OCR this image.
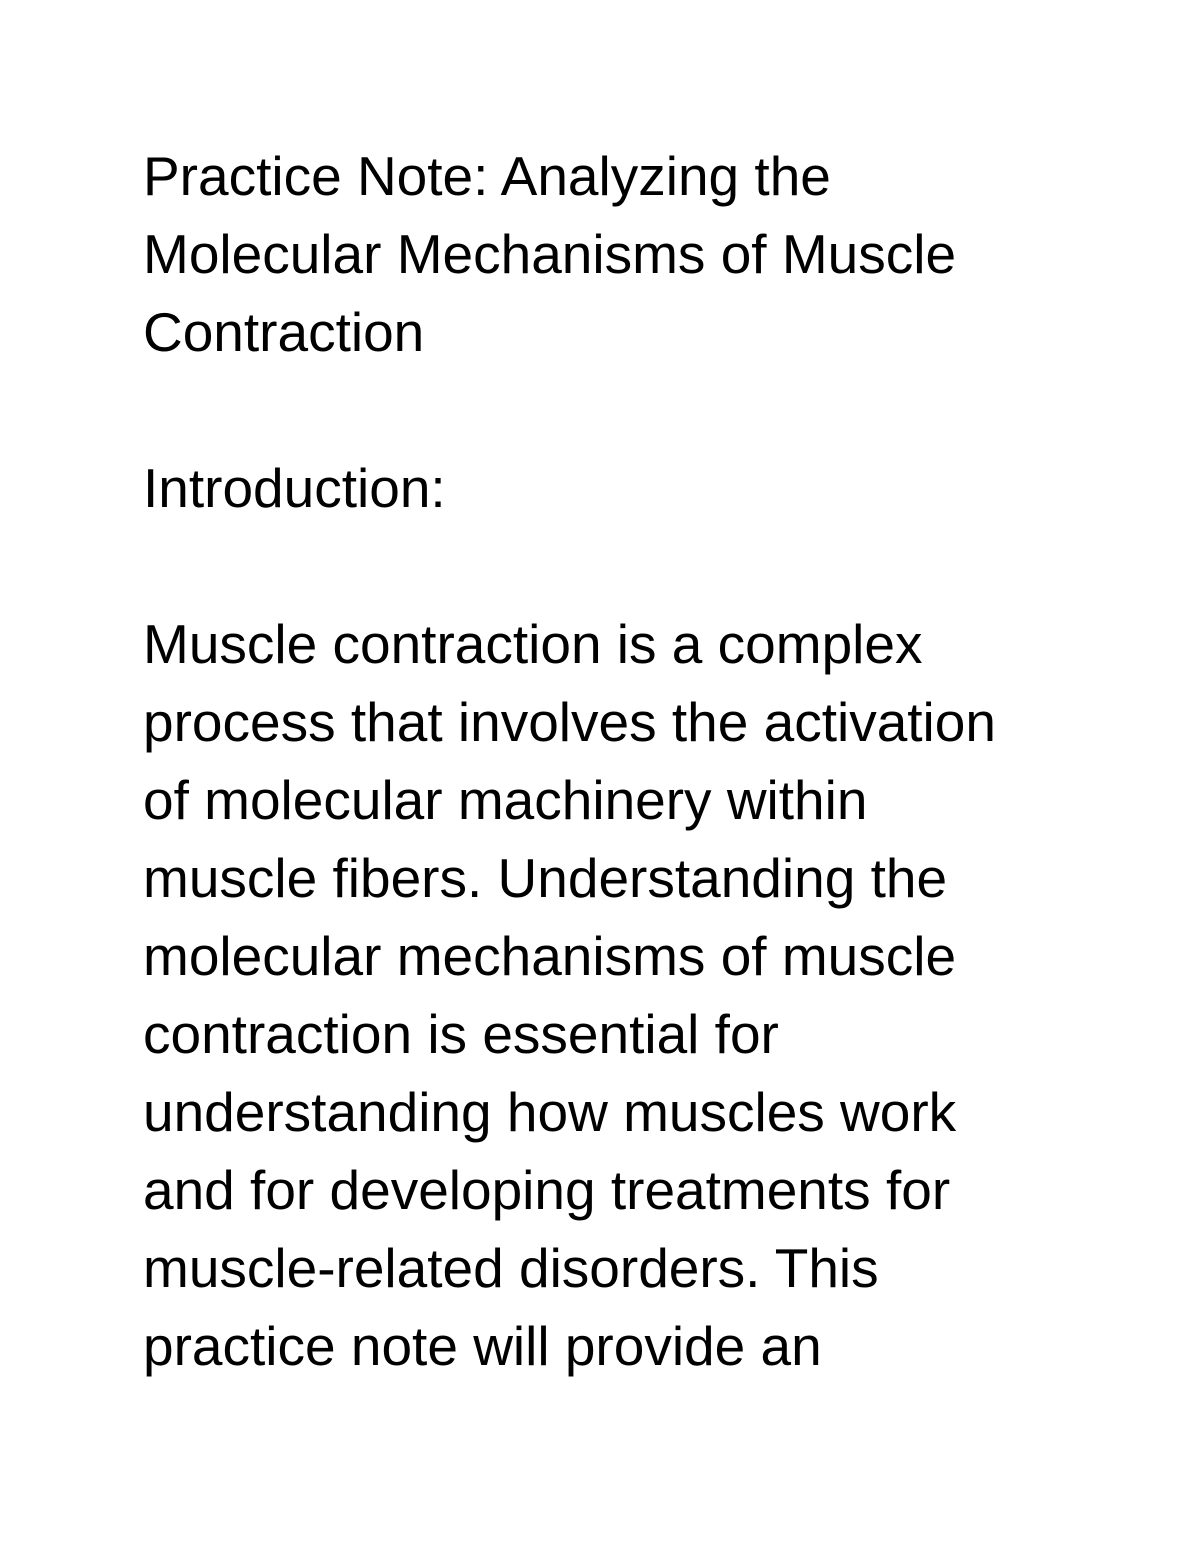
Practice Note: Analyzing the

Molecular Mechanisms of Muscle

Contraction

Introduction:

Muscle contraction is a complex

process that involves the activation

of molecular machinery within

muscle fibers. Understanding the

molecular mechanisms of muscle

contraction is essential for

understanding how muscles work

and for developing treatments for

muscle-related disorders. This

practice note will provide an
